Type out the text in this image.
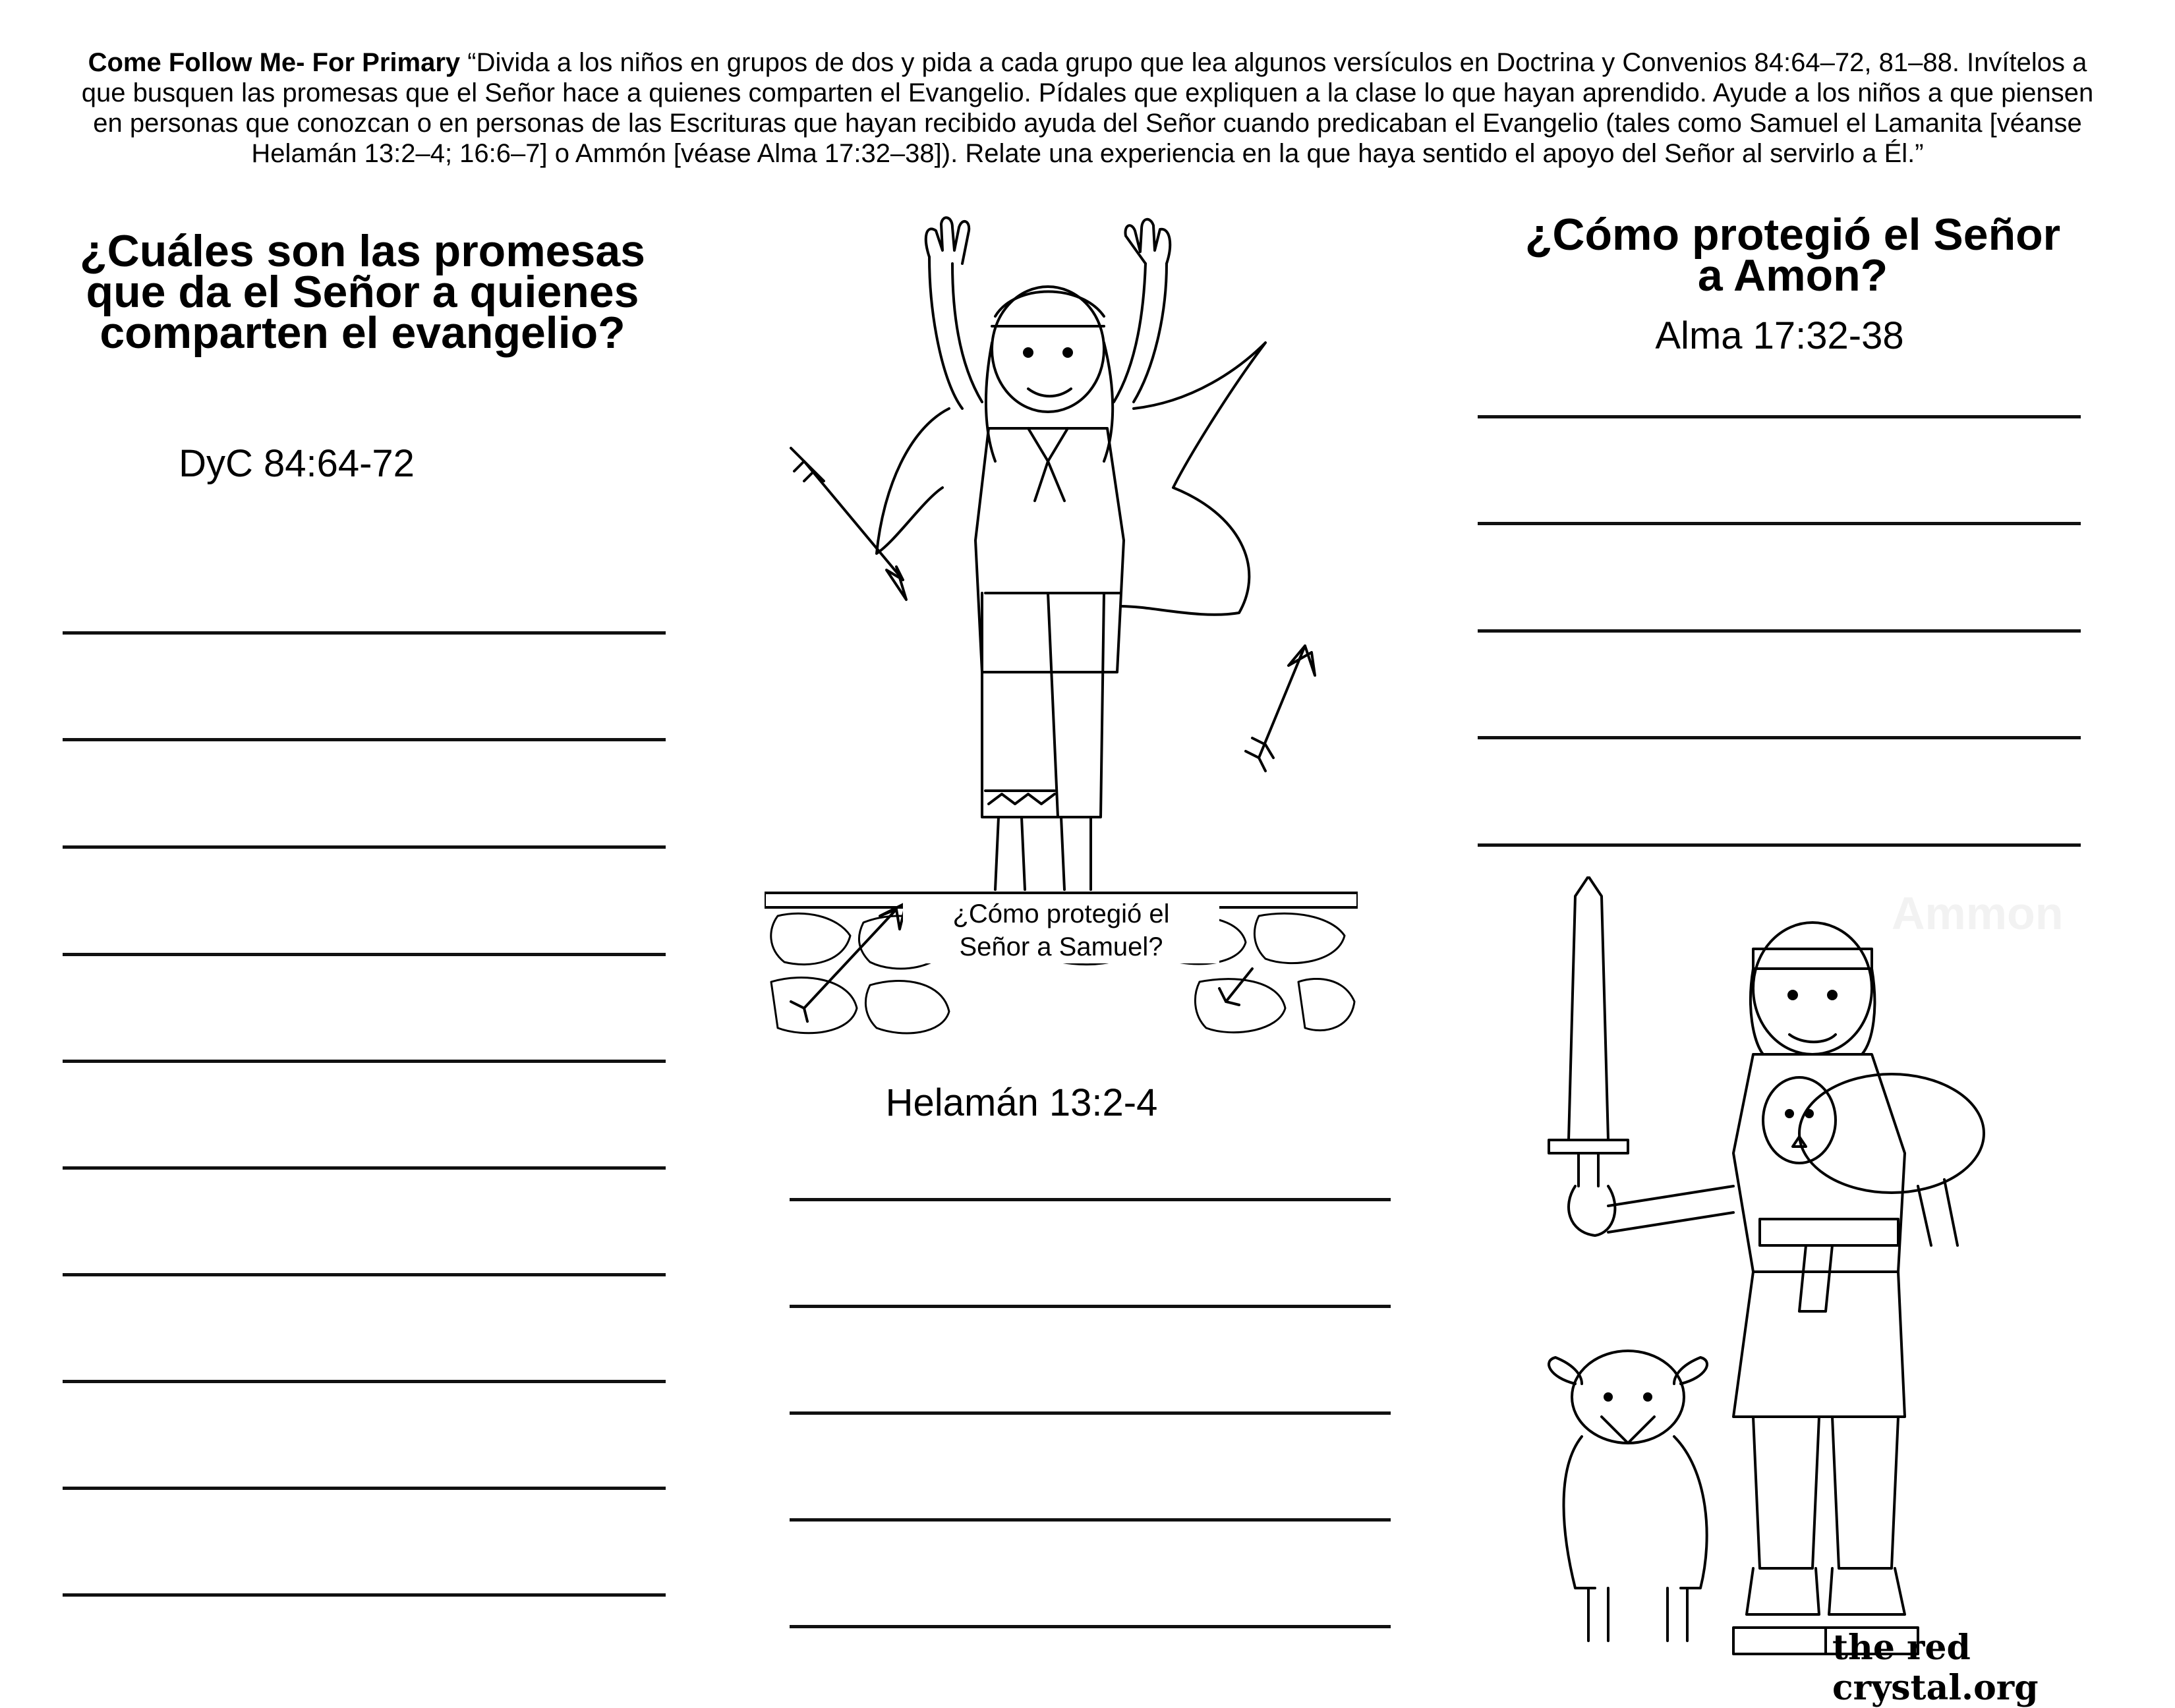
Come Follow Me- For Primary “Divida a los niños en grupos de dos y pida a cada grupo que lea algunos versículos en Doctrina y Convenios 84:64–72, 81–88. Invítelos a que busquen las promesas que el Señor hace a quienes comparten el Evangelio. Pídales que expliquen a la clase lo que hayan aprendido. Ayude a los niños a que piensen en personas que conozcan o en personas de las Escrituras que hayan recibido ayuda del Señor cuando predicaban el Evangelio (tales como Samuel el Lamanita [véanse Helamán 13:2–4; 16:6–7] o Ammón [véase Alma 17:32–38]). Relate una experiencia en la que haya sentido el apoyo del Señor al servirlo a Él.”
¿Cuáles son las promesas que da el Señor a quienes comparten el evangelio?
DyC 84:64-72
¿Cómo protegió el
Señor a Samuel?
Helamán 13:2-4
¿Cómo protegió el Señor
a Amon?
Alma 17:32-38
Ammon
the red crystal.org
